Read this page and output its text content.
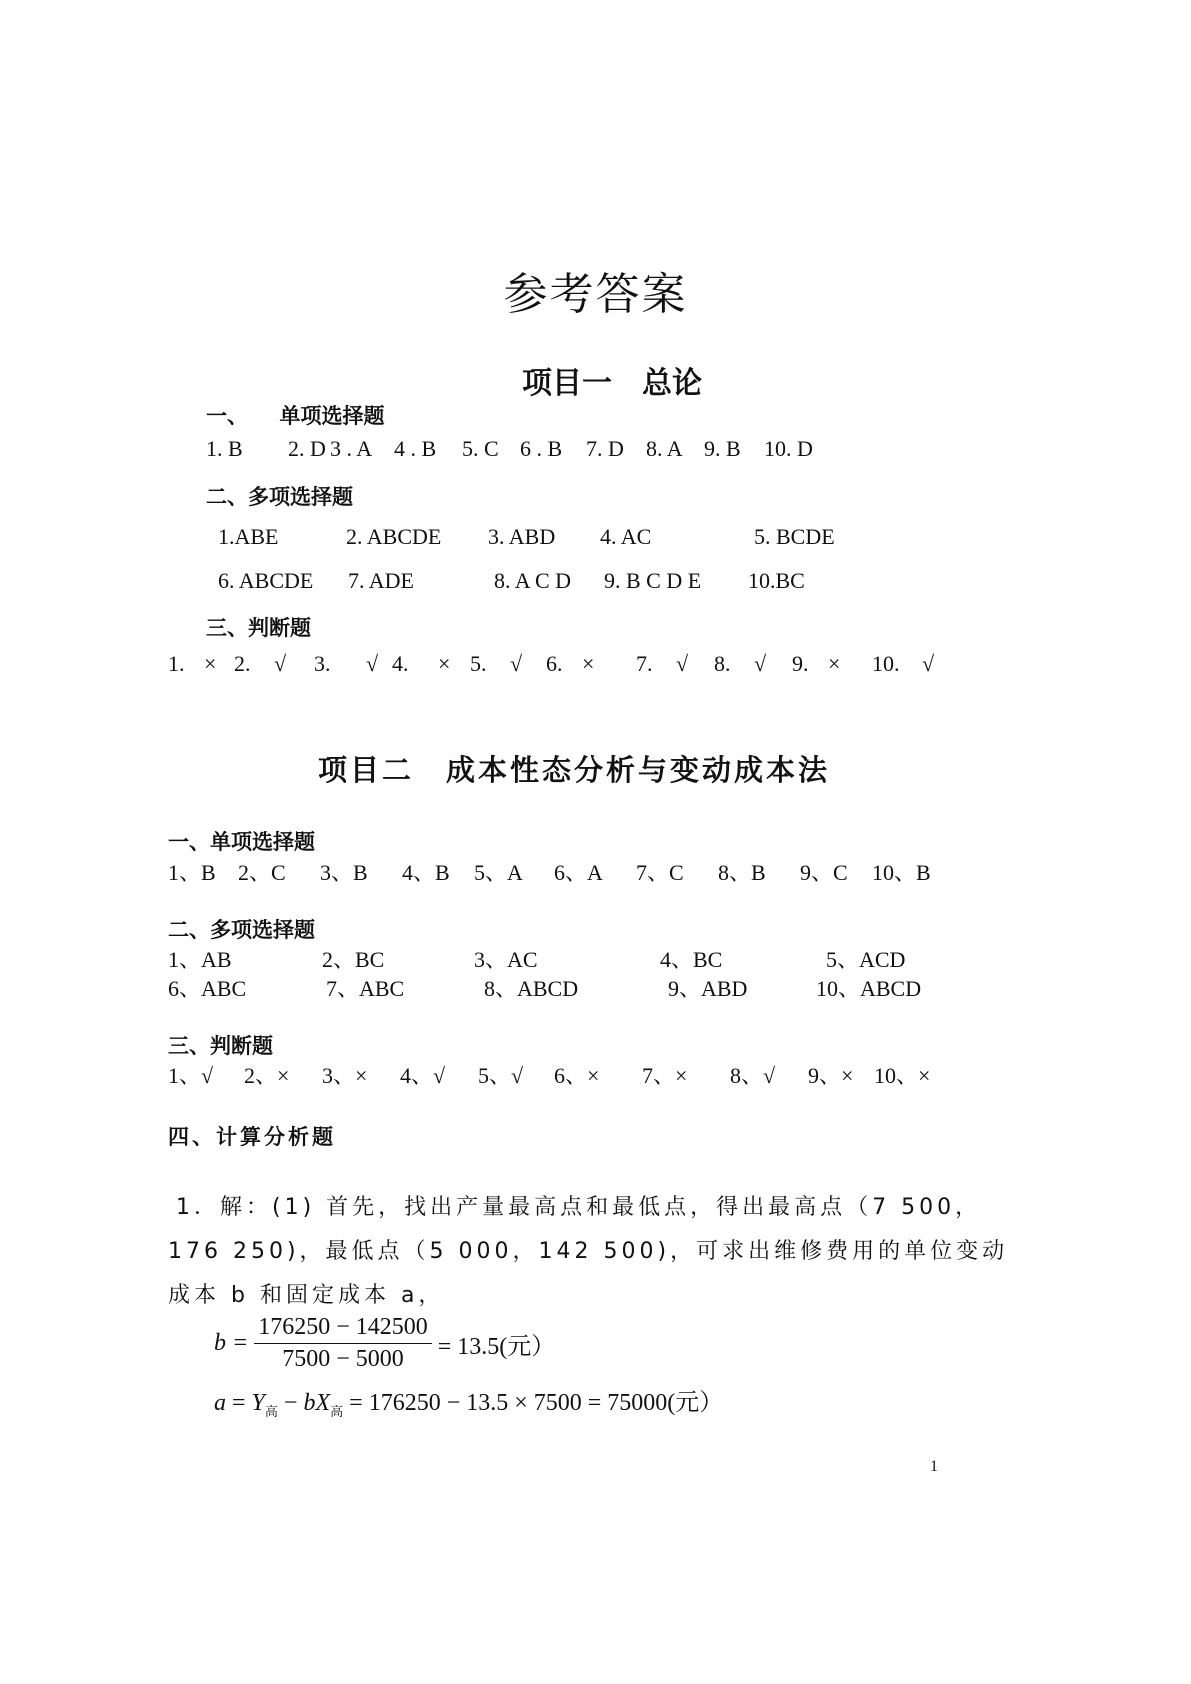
参考答案
项目一　总论
一、　　单项选择题
1. B 2. D 3 . A 4 . B 5. C 6 . B 7. D 8. A 9. B 10. D
二、多项选择题
1.ABE	2. ABCDE 3. ABD 4. AC	5. BCDE
6. ABCDE 7. ADE	8. A C D 9. B C D E 10.BC
三、判断题
1. × 2. √ 3. √ 4. × 5. √ 6. × 7. √ 8. √ 9. × 10. √
项目二　成本性态分析与变动成本法
一、单项选择题
1、B 2、C 3、B 4、B 5、A 6、A 7、C 8、B 9、C 10、B
二、多项选择题
1、AB	2、BC	3、AC	4、BC	5、ACD
6、ABC	7、ABC	8、ABCD	9、ABD	10、ABCD
三、判断题
1、√ 2、× 3、× 4、√ 5、√ 6、× 7、× 8、√ 9、× 10、×
四、计算分析题
1．解：(1) 首先，找出产量最高点和最低点，得出最高点（7 500，
176 250)，最低点（5 000，142 500)，可求出维修费用的单位变动
成本 b 和固定成本 a，
$b = \frac{176250 - 142500}{7500 - 5000} = 13.5$(元）
$a = Y_高 - bX_高 = 176250 - 13.5 \times 7500 = 75000$(元）
1
